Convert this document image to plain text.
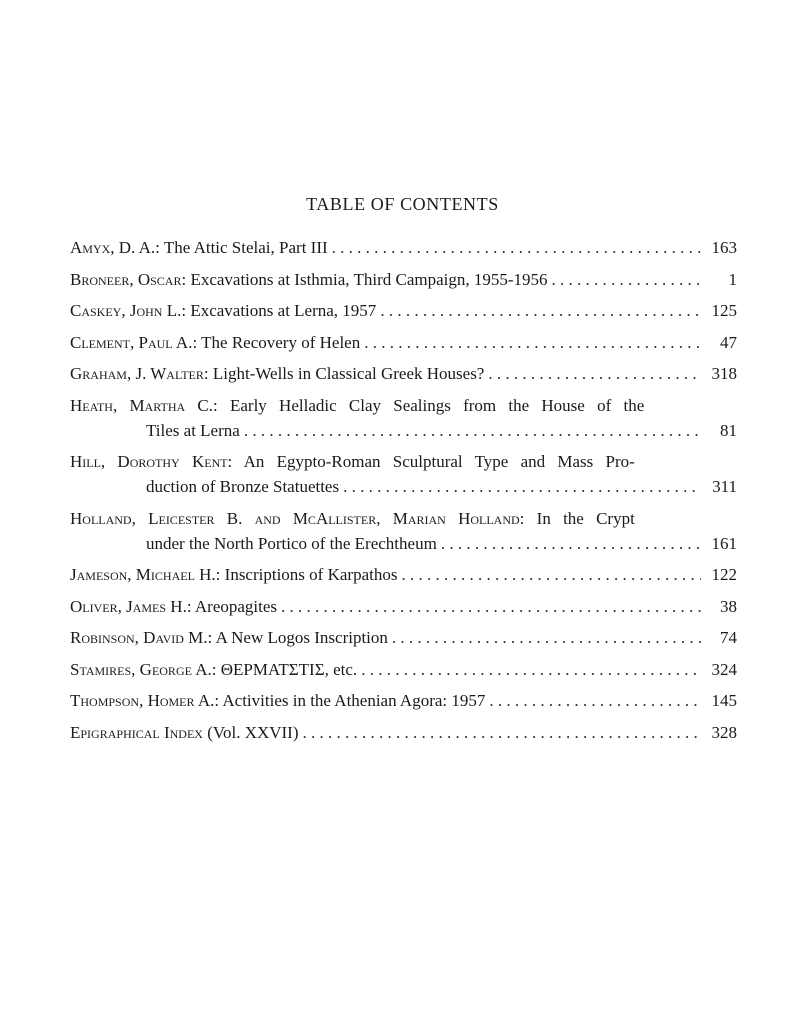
TABLE OF CONTENTS
Amyx, D. A.: The Attic Stelai, Part III . . .	163
Broneer, Oscar: Excavations at Isthmia, Third Campaign, 1955-1956 . . .	1
Caskey, John L.: Excavations at Lerna, 1957 . . .	125
Clement, Paul A.: The Recovery of Helen . . .	47
Graham, J. Walter: Light-Wells in Classical Greek Houses? . . .	318
Heath, Martha C.: Early Helladic Clay Sealings from the House of the
Tiles at Lerna . . .	81
Hill, Dorothy Kent: An Egypto-Roman Sculptural Type and Mass Pro-
duction of Bronze Statuettes . . .	311
Holland, Leicester B. and McAllister, Marian Holland: In the Crypt
under the North Portico of the Erechtheum . . .	161
Jameson, Michael H.: Inscriptions of Karpathos . . .	122
Oliver, James H.: Areopagites . . .	38
Robinson, David M.: A New Logos Inscription . . .	74
Stamires, George A.: ΘΕΡΜΑΤΣΤΙΣ, etc. . . .	324
Thompson, Homer A.: Activities in the Athenian Agora: 1957 . . .	145
Epigraphical Index (Vol. XXVII) . . .	328
